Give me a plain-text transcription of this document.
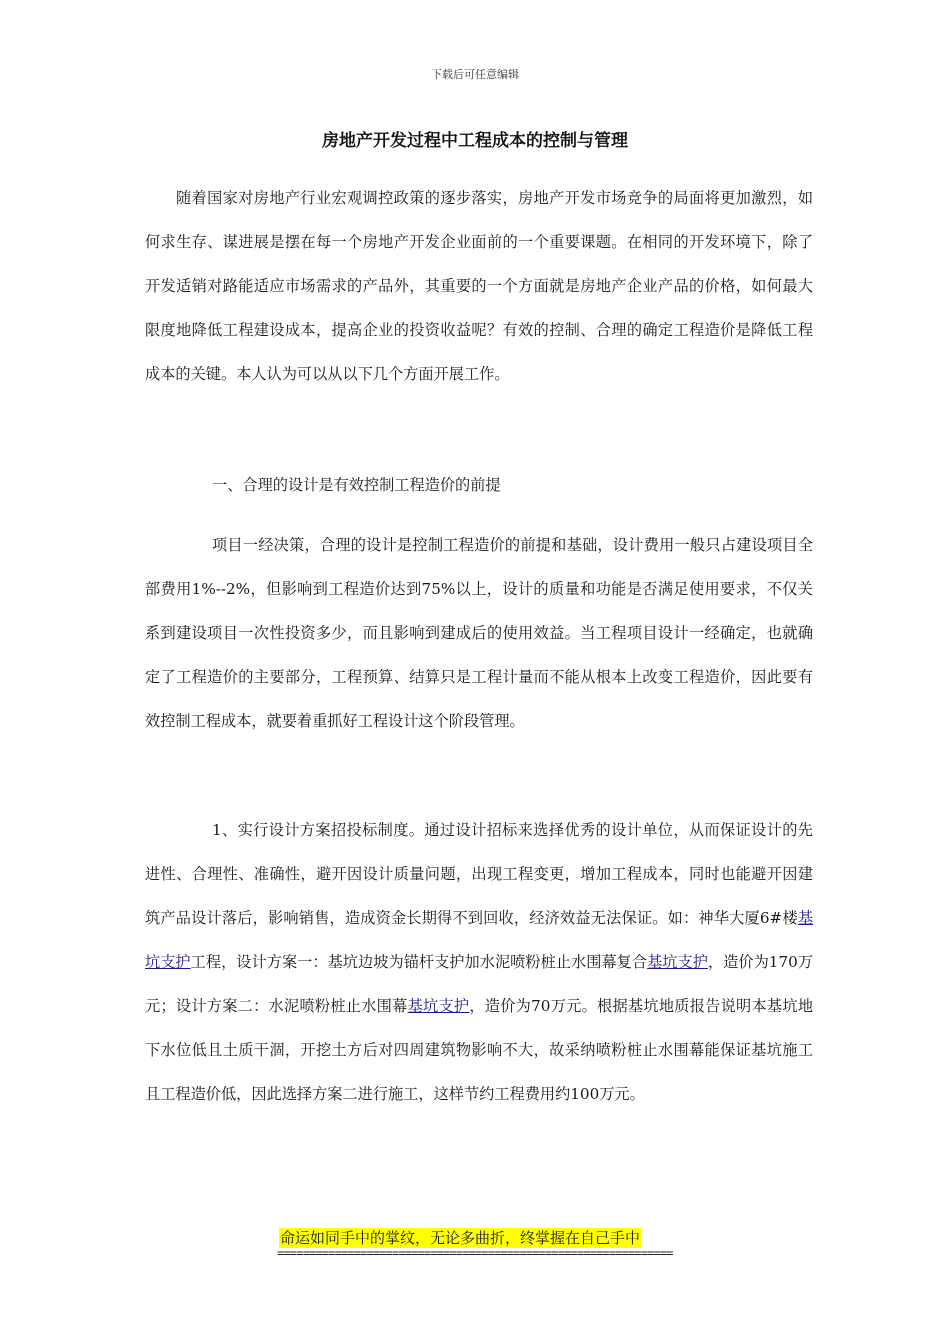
下载后可任意编辑
房地产开发过程中工程成本的控制与管理

随着国家对房地产行业宏观调控政策的逐步落实，房地产开发市场竞争的局面将更加激烈，如何求生存、谋进展是摆在每一个房地产开发企业面前的一个重要课题。在相同的开发环境下，除了开发适销对路能适应市场需求的产品外，其重要的一个方面就是房地产企业产品的价格，如何最大限度地降低工程建设成本，提高企业的投资收益呢？有效的控制、合理的确定工程造价是降低工程成本的关键。本人认为可以从以下几个方面开展工作。

一、合理的设计是有效控制工程造价的前提

项目一经决策，合理的设计是控制工程造价的前提和基础，设计费用一般只占建设项目全部费用1%--2%，但影响到工程造价达到75%以上，设计的质量和功能是否满足使用要求，不仅关系到建设项目一次性投资多少，而且影响到建成后的使用效益。当工程项目设计一经确定，也就确定了工程造价的主要部分，工程预算、结算只是工程计量而不能从根本上改变工程造价，因此要有效控制工程成本，就要着重抓好工程设计这个阶段管理。

1、实行设计方案招投标制度。通过设计招标来选择优秀的设计单位，从而保证设计的先进性、合理性、准确性，避开因设计质量问题，出现工程变更，增加工程成本，同时也能避开因建筑产品设计落后，影响销售，造成资金长期得不到回收，经济效益无法保证。如：神华大厦6#楼基坑支护工程，设计方案一：基坑边坡为锚杆支护加水泥喷粉桩止水围幕复合基坑支护，造价为170万元；设计方案二：水泥喷粉桩止水围幕基坑支护，造价为70万元。根据基坑地质报告说明本基坑地下水位低且土质干涸，开挖土方后对四周建筑物影响不大，故采纳喷粉桩止水围幕能保证基坑施工且工程造价低，因此选择方案二进行施工，这样节约工程费用约100万元。

命运如同手中的掌纹，无论多曲折，终掌握在自己手中
==============================================================
